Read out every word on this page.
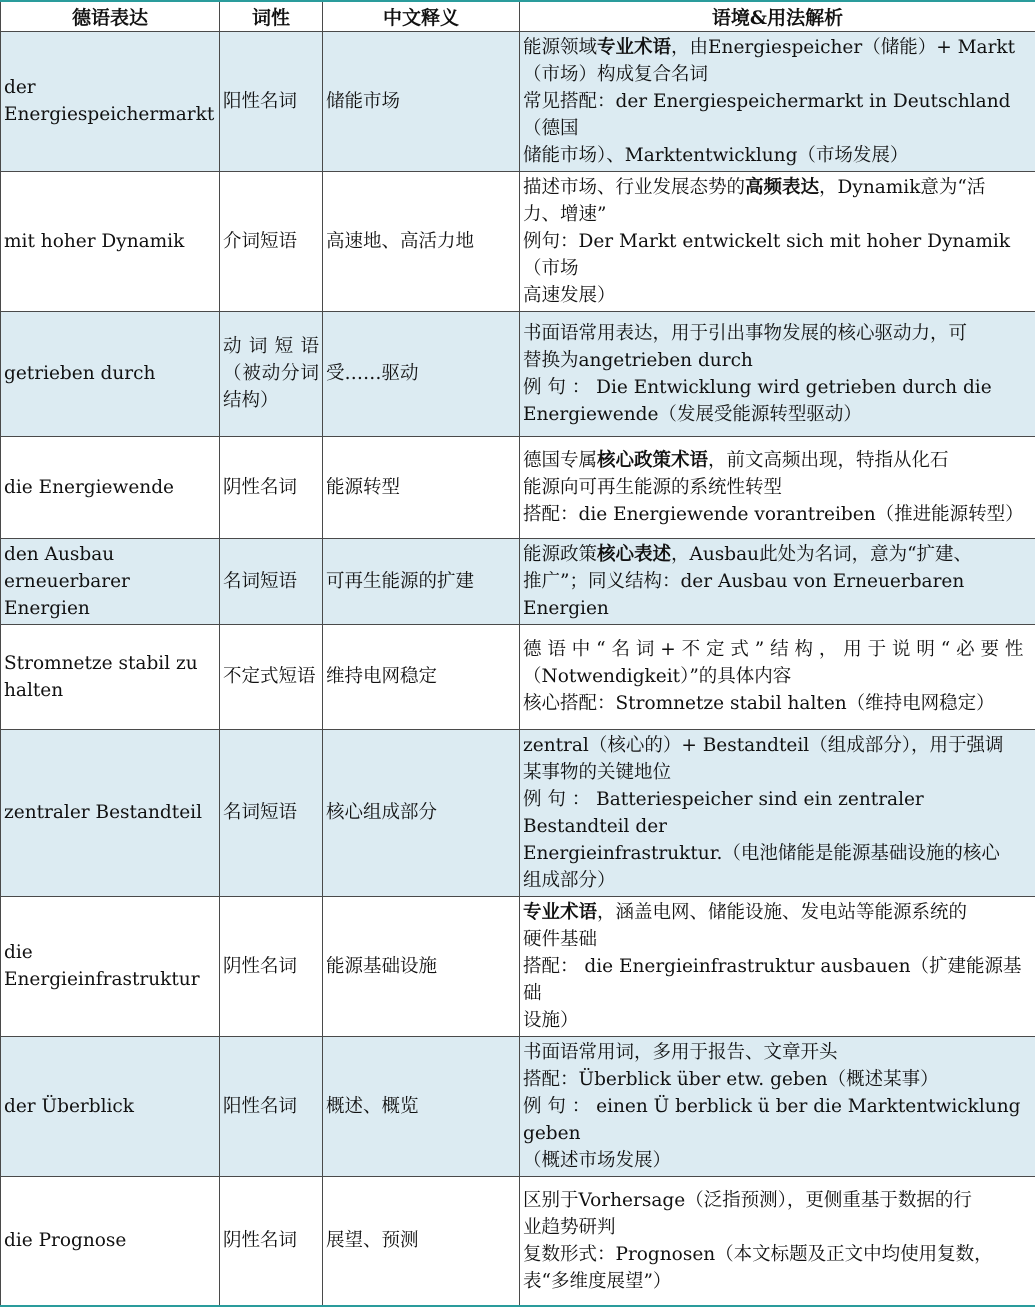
德语表达	词性	中文释义	语境&用法解析
der Energiespeichermarkt	阳性名词	储能市场	能源领域专业术语，由Energiespeicher（储能）+ Markt
（市场）构成复合名词
常见搭配：der Energiespeichermarkt in Deutschland（德国
储能市场）、Marktentwicklung（市场发展）

mit hoher Dynamik	介词短语	高速地、高活力地	描述市场、行业发展态势的高频表达，Dynamik意为“活
力、增速”
例句：Der Markt entwickelt sich mit hoher Dynamik（市场
高速发展）

getrieben durch	动词短语（被动分词结构）	受……驱动	书面语常用表达，用于引出事物发展的核心驱动力，可
替换为angetrieben durch
例 句 ： Die Entwicklung wird getrieben durch die
Energiewende（发展受能源转型驱动）

die Energiewende	阴性名词	能源转型	德国专属核心政策术语，前文高频出现，特指从化石
能源向可再生能源的系统性转型
搭配：die Energiewende vorantreiben（推进能源转型）

den Ausbau erneuerbarer Energien	名词短语	可再生能源的扩建	能源政策核心表述，Ausbau此处为名词，意为“扩建、
推广”；同义结构：der Ausbau von Erneuerbaren Energien

Stromnetze stabil zu halten	不定式短语	维持电网稳定	德 语 中 “ 名 词 + 不 定 式 ” 结 构 ， 用 于 说 明 “ 必 要 性
（Notwendigkeit）”的具体内容
核心搭配：Stromnetze stabil halten（维持电网稳定）

zentraler Bestandteil	名词短语	核心组成部分	zentral（核心的）+ Bestandteil（组成部分），用于强调
某事物的关键地位
例 句 ： Batteriespeicher sind ein zentraler Bestandteil der
Energieinfrastruktur.（电池储能是能源基础设施的核心
组成部分）

die Energieinfrastruktur	阴性名词	能源基础设施	专业术语，涵盖电网、储能设施、发电站等能源系统的
硬件基础
搭配： die Energieinfrastruktur ausbauen（扩建能源基础
设施）

der Überblick	阳性名词	概述、概览	书面语常用词，多用于报告、文章开头
搭配：Überblick über etw. geben（概述某事）
例 句 ： einen Ü berblick ü ber die Marktentwicklung geben
（概述市场发展）

die Prognose	阴性名词	展望、预测	区别于Vorhersage（泛指预测），更侧重基于数据的行
业趋势研判
复数形式：Prognosen（本文标题及正文中均使用复数，
表“多维度展望”）
